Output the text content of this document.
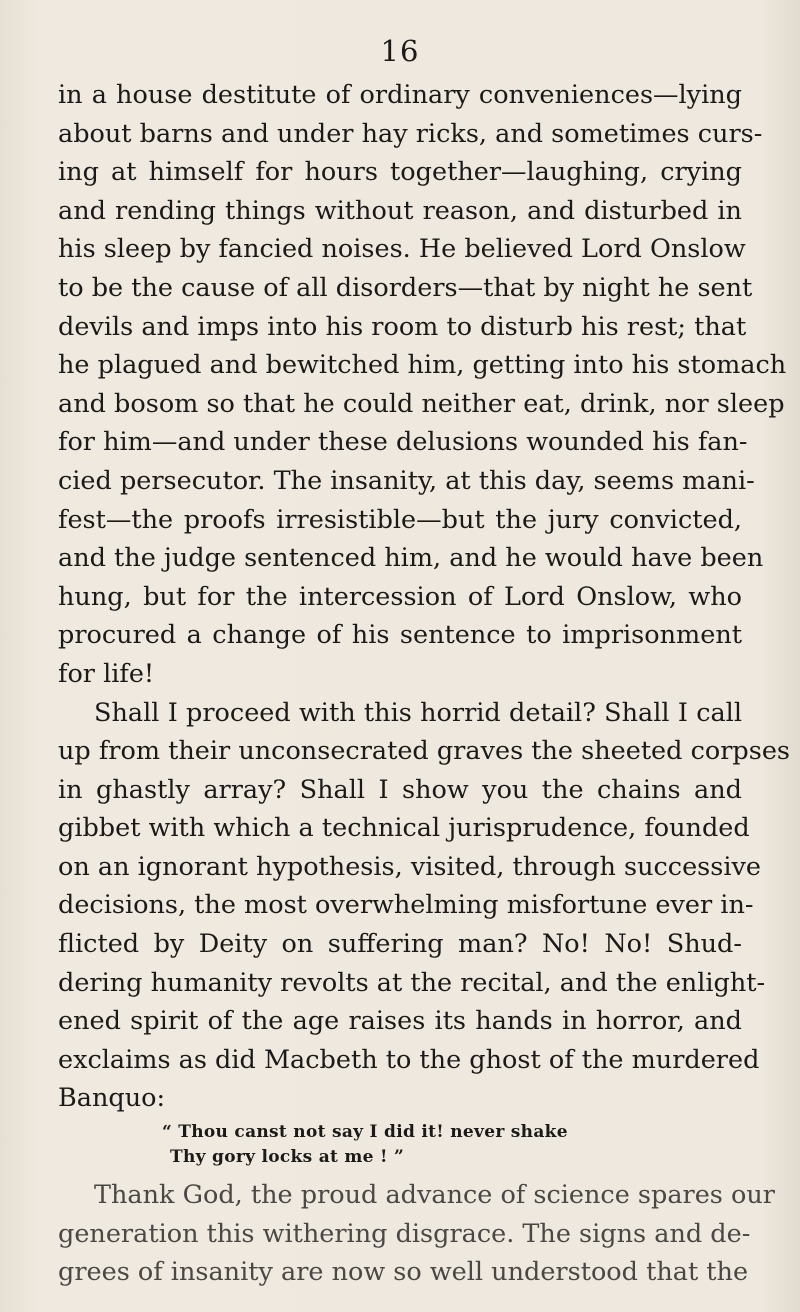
16
in a house destitute of ordinary conveniences—lying
about barns and under hay ricks, and sometimes curs-
ing at himself for hours together—laughing, crying
and rending things without reason, and disturbed in
his sleep by fancied noises. He believed Lord Onslow
to be the cause of all disorders—that by night he sent
devils and imps into his room to disturb his rest; that
he plagued and bewitched him, getting into his stomach
and bosom so that he could neither eat, drink, nor sleep
for him—and under these delusions wounded his fan-
cied persecutor. The insanity, at this day, seems mani-
fest—the proofs irresistible—but the jury convicted,
and the judge sentenced him, and he would have been
hung, but for the intercession of Lord Onslow, who
procured a change of his sentence to imprisonment
for life!
Shall I proceed with this horrid detail? Shall I call
up from their unconsecrated graves the sheeted corpses
in ghastly array? Shall I show you the chains and
gibbet with which a technical jurisprudence, founded
on an ignorant hypothesis, visited, through successive
decisions, the most overwhelming misfortune ever in-
flicted by Deity on suffering man? No! No! Shud-
dering humanity revolts at the recital, and the enlight-
ened spirit of the age raises its hands in horror, and
exclaims as did Macbeth to the ghost of the murdered
Banquo:
“ Thou canst not say I did it! never shake
Thy gory locks at me ! ”
Thank God, the proud advance of science spares our
generation this withering disgrace. The signs and de-
grees of insanity are now so well understood that the
